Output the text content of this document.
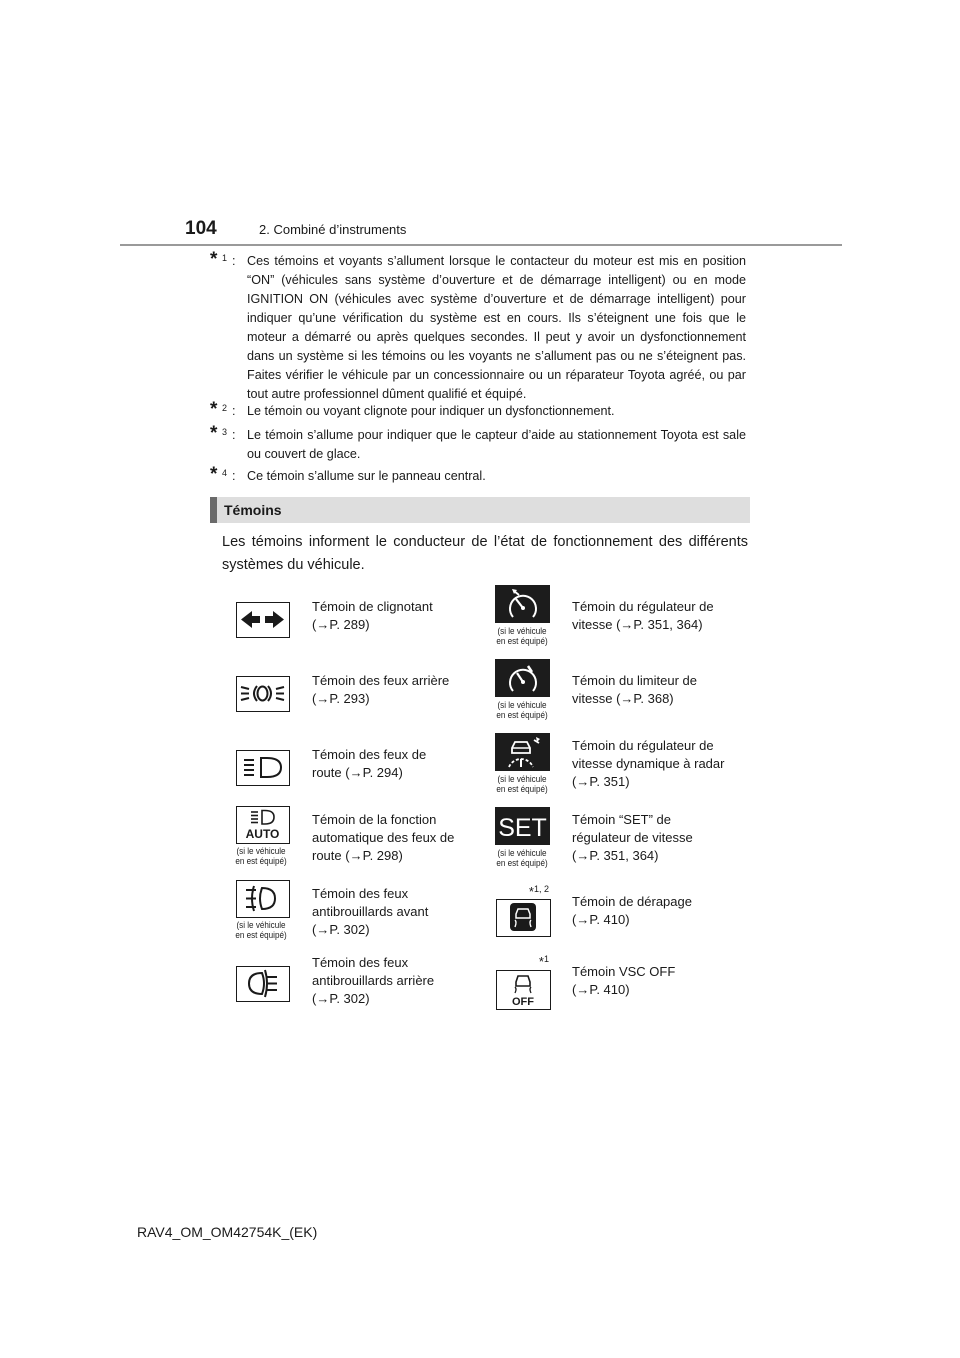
104	2. Combiné d’instruments
* 1 : Ces témoins et voyants s’allument lorsque le contacteur du moteur est mis en position “ON” (véhicules sans système d’ouverture et de démarrage intelligent) ou en mode IGNITION ON (véhicules avec système d’ouverture et de démarrage intelligent) pour indiquer qu’une vérification du système est en cours. Ils s’éteignent une fois que le moteur a démarré ou après quelques secondes. Il peut y avoir un dysfonctionnement dans un système si les témoins ou les voyants ne s’allument pas ou ne s’éteignent pas. Faites vérifier le véhicule par un concessionnaire ou un réparateur Toyota agréé, ou par tout autre professionnel dûment qualifié et équipé.
* 2 : Le témoin ou voyant clignote pour indiquer un dysfonctionnement.
* 3 : Le témoin s’allume pour indiquer que le capteur d’aide au stationnement Toyota est sale ou couvert de glace.
* 4 : Ce témoin s’allume sur le panneau central.
Témoins
Les témoins informent le conducteur de l’état de fonctionnement des différents systèmes du véhicule.
Témoin de clignotant
(→P. 289)
Témoin des feux arrière
(→P. 293)
Témoin des feux de
route (→P. 294)
AUTO
(si le véhicule
en est équipé)
Témoin de la fonction
automatique des feux de
route (→P. 298)
(si le véhicule
en est équipé)
Témoin des feux
antibrouillards avant
(→P. 302)
Témoin des feux
antibrouillards arrière
(→P. 302)
(si le véhicule
en est équipé)
Témoin du régulateur de
vitesse (→P. 351, 364)
(si le véhicule
en est équipé)
Témoin du limiteur de
vitesse (→P. 368)
(si le véhicule
en est équipé)
Témoin du régulateur de
vitesse dynamique à radar
(→P. 351)
SET
(si le véhicule
en est équipé)
Témoin “SET” de
régulateur de vitesse
(→P. 351, 364)
*$^{1, 2}$
Témoin de dérapage
(→P. 410)
*$^1$
OFF
Témoin VSC OFF
(→P. 410)
RAV4_OM_OM42754K_(EK)
